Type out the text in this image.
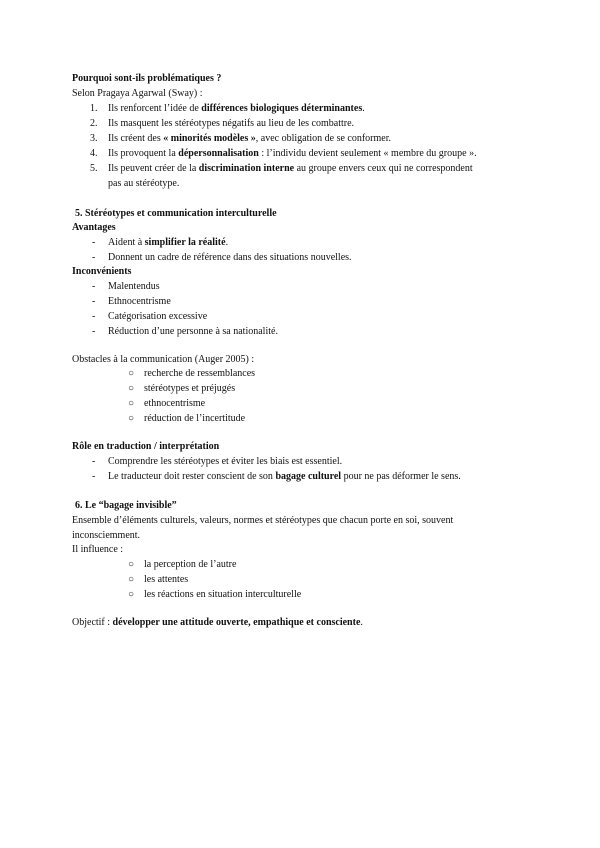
Pourquoi sont-ils problématiques ?
Selon Pragaya Agarwal (Sway) :
1. Ils renforcent l’idée de différences biologiques déterminantes.
2. Ils masquent les stéréotypes négatifs au lieu de les combattre.
3. Ils créent des « minorités modèles », avec obligation de se conformer.
4. Ils provoquent la dépersonnalisation : l’individu devient seulement « membre du groupe ».
5. Ils peuvent créer de la discrimination interne au groupe envers ceux qui ne correspondent
pas au stéréotype.
5. Stéréotypes et communication interculturelle
Avantages
- Aident à simplifier la réalité.
- Donnent un cadre de référence dans des situations nouvelles.
Inconvénients
- Malentendus
- Ethnocentrisme
- Catégorisation excessive
- Réduction d’une personne à sa nationalité.
Obstacles à la communication (Auger 2005) :
○ recherche de ressemblances
○ stéréotypes et préjugés
○ ethnocentrisme
○ réduction de l’incertitude
Rôle en traduction / interprétation
- Comprendre les stéréotypes et éviter les biais est essentiel.
- Le traducteur doit rester conscient de son bagage culturel pour ne pas déformer le sens.
6. Le “bagage invisible”
Ensemble d’éléments culturels, valeurs, normes et stéréotypes que chacun porte en soi, souvent
inconsciemment.
Il influence :
○ la perception de l’autre
○ les attentes
○ les réactions en situation interculturelle
Objectif : développer une attitude ouverte, empathique et consciente.
